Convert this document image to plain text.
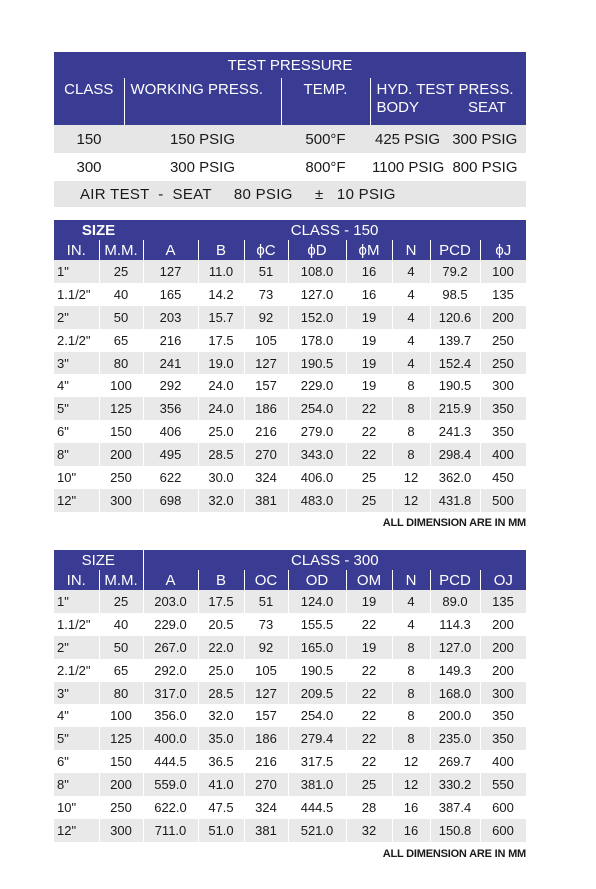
TEST PRESSURE			
CLASS	WORKING PRESS.	TEMP.	HYD. TEST PRESS.
BODY SEAT

150	150 PSIG	500°F	425 PSIG 300 PSIG
300	300 PSIG	800°F	1100 PSIG 800 PSIG
AIR TEST  -  SEAT     80 PSIG     ±   10 PSIG			
SIZE		CLASS - 150							
IN.	M.M.	A	B	ϕC	ϕD	ϕM	N	PCD	ϕJ
1"	25	127	11.0	51	108.0	16	4	79.2	100
1.1/2"	40	165	14.2	73	127.0	16	4	98.5	135
2"	50	203	15.7	92	152.0	19	4	120.6	200
2.1/2"	65	216	17.5	105	178.0	19	4	139.7	250
3"	80	241	19.0	127	190.5	19	4	152.4	250
4"	100	292	24.0	157	229.0	19	8	190.5	300
5"	125	356	24.0	186	254.0	22	8	215.9	350
6"	150	406	25.0	216	279.0	22	8	241.3	350
8"	200	495	28.5	270	343.0	22	8	298.4	400
10"	250	622	30.0	324	406.0	25	12	362.0	450
12"	300	698	32.0	381	483.0	25	12	431.8	500
ALL DIMENSION ARE IN MM
SIZE		CLASS - 300							
IN.	M.M.	A	B	OC	OD	OM	N	PCD	OJ
1"	25	203.0	17.5	51	124.0	19	4	89.0	135
1.1/2"	40	229.0	20.5	73	155.5	22	4	114.3	200
2"	50	267.0	22.0	92	165.0	19	8	127.0	200
2.1/2"	65	292.0	25.0	105	190.5	22	8	149.3	200
3"	80	317.0	28.5	127	209.5	22	8	168.0	300
4"	100	356.0	32.0	157	254.0	22	8	200.0	350
5"	125	400.0	35.0	186	279.4	22	8	235.0	350
6"	150	444.5	36.5	216	317.5	22	12	269.7	400
8"	200	559.0	41.0	270	381.0	25	12	330.2	550
10"	250	622.0	47.5	324	444.5	28	16	387.4	600
12"	300	711.0	51.0	381	521.0	32	16	150.8	600
ALL DIMENSION ARE IN MM
